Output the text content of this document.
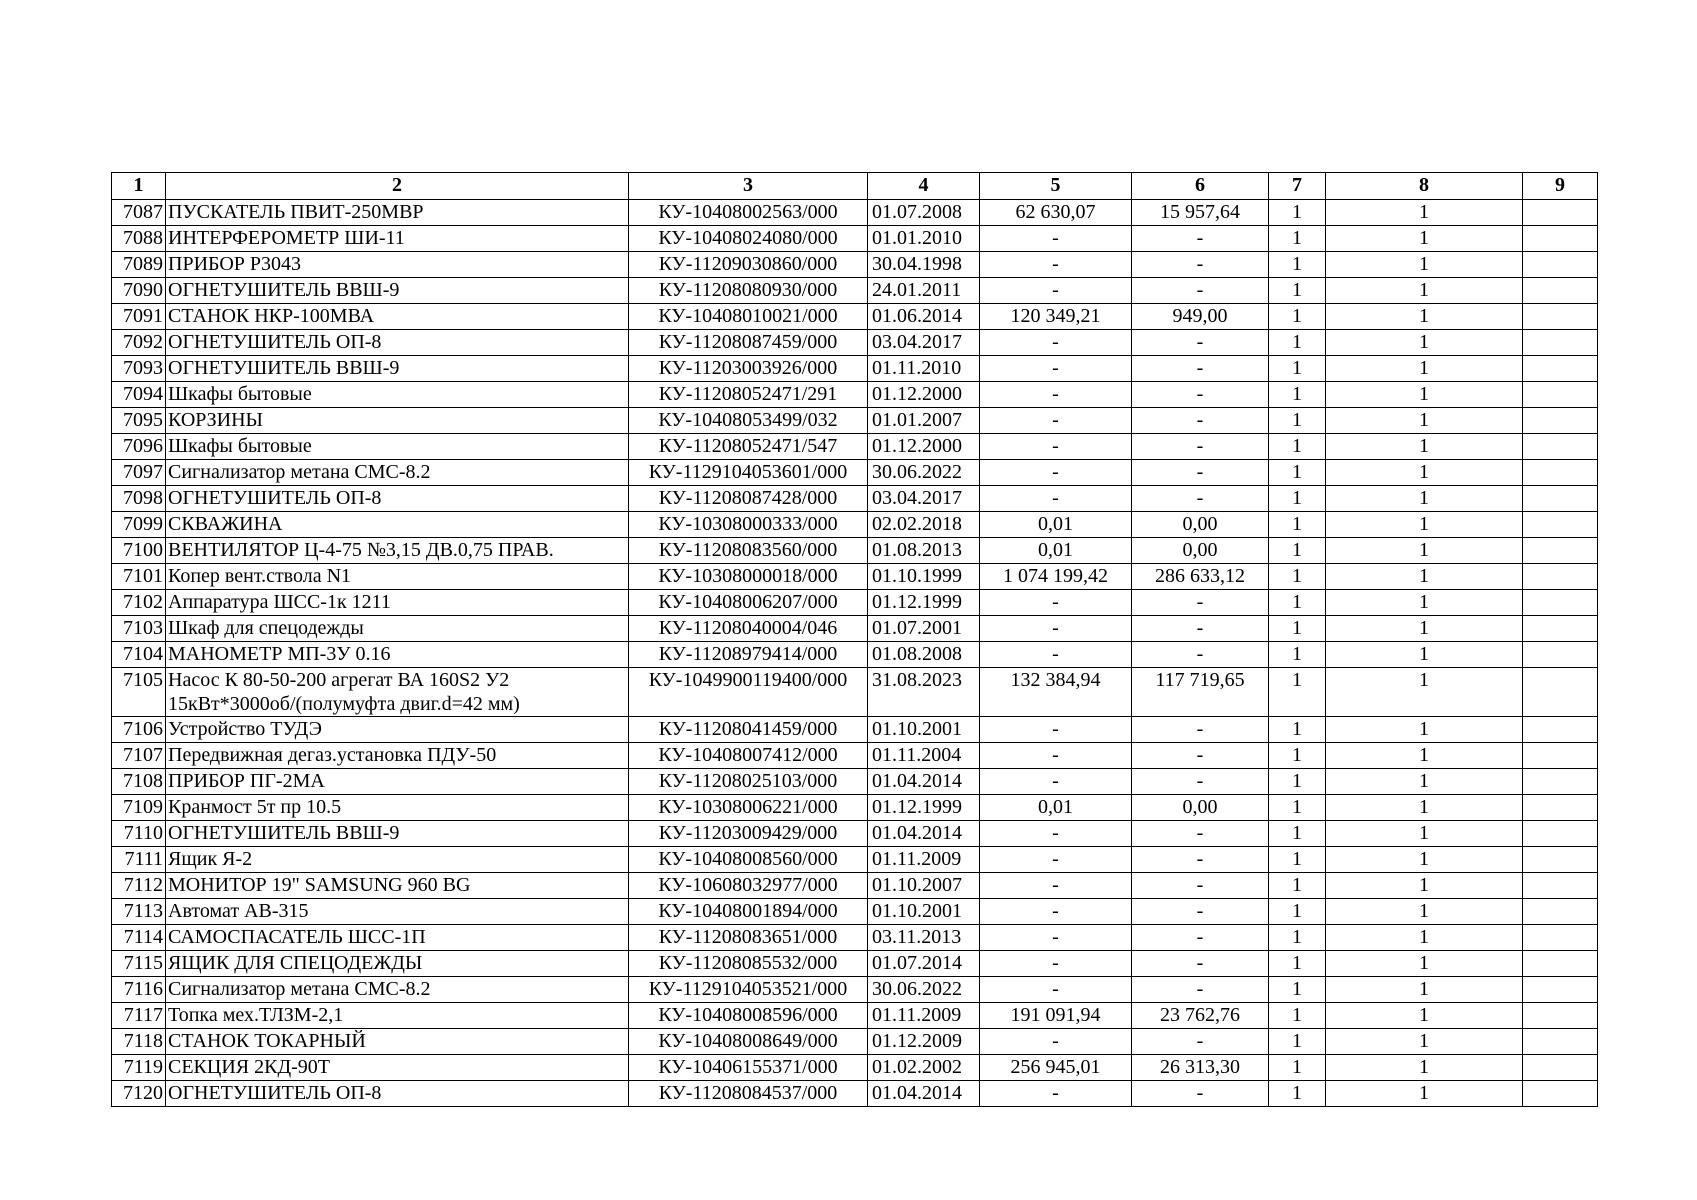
1	2	3	4	5	6	7	8	9
7087	ПУСКАТЕЛЬ ПВИТ-250МВР	КУ-10408002563/000	01.07.2008	62 630,07	15 957,64	1	1	
7088	ИНТЕРФЕРОМЕТР ШИ-11	КУ-10408024080/000	01.01.2010	-	-	1	1	
7089	ПРИБОР Р3043	КУ-11209030860/000	30.04.1998	-	-	1	1	
7090	ОГНЕТУШИТЕЛЬ ВВШ-9	КУ-11208080930/000	24.01.2011	-	-	1	1	
7091	СТАНОК НКР-100МВА	КУ-10408010021/000	01.06.2014	120 349,21	949,00	1	1	
7092	ОГНЕТУШИТЕЛЬ ОП-8	КУ-11208087459/000	03.04.2017	-	-	1	1	
7093	ОГНЕТУШИТЕЛЬ ВВШ-9	КУ-11203003926/000	01.11.2010	-	-	1	1	
7094	Шкафы бытовые	КУ-11208052471/291	01.12.2000	-	-	1	1	
7095	КОРЗИНЫ	КУ-10408053499/032	01.01.2007	-	-	1	1	
7096	Шкафы бытовые	КУ-11208052471/547	01.12.2000	-	-	1	1	
7097	Сигнализатор метана СМС-8.2	КУ-1129104053601/000	30.06.2022	-	-	1	1	
7098	ОГНЕТУШИТЕЛЬ ОП-8	КУ-11208087428/000	03.04.2017	-	-	1	1	
7099	СКВАЖИНА	КУ-10308000333/000	02.02.2018	0,01	0,00	1	1	
7100	ВЕНТИЛЯТОР Ц-4-75 №3,15 ДВ.0,75 ПРАВ.	КУ-11208083560/000	01.08.2013	0,01	0,00	1	1	
7101	Копер вент.ствола N1	КУ-10308000018/000	01.10.1999	1 074 199,42	286 633,12	1	1	
7102	Аппаратура ШСС-1к 1211	КУ-10408006207/000	01.12.1999	-	-	1	1	
7103	Шкаф для спецодежды	КУ-11208040004/046	01.07.2001	-	-	1	1	
7104	МАНОМЕТР МП-3У 0.16	КУ-11208979414/000	01.08.2008	-	-	1	1	
7105	Насос К 80-50-200 агрегат ВА 160S2 У2 15кВт*3000об/(полумуфта двиг.d=42 мм)	КУ-1049900119400/000	31.08.2023	132 384,94	117 719,65	1	1	
7106	Устройство ТУДЭ	КУ-11208041459/000	01.10.2001	-	-	1	1	
7107	Передвижная дегаз.установка ПДУ-50	КУ-10408007412/000	01.11.2004	-	-	1	1	
7108	ПРИБОР ПГ-2МА	КУ-11208025103/000	01.04.2014	-	-	1	1	
7109	Кранмост 5т пр 10.5	КУ-10308006221/000	01.12.1999	0,01	0,00	1	1	
7110	ОГНЕТУШИТЕЛЬ ВВШ-9	КУ-11203009429/000	01.04.2014	-	-	1	1	
7111	Ящик Я-2	КУ-10408008560/000	01.11.2009	-	-	1	1	
7112	МОНИТОР 19" SAMSUNG 960 BG	КУ-10608032977/000	01.10.2007	-	-	1	1	
7113	Автомат АВ-315	КУ-10408001894/000	01.10.2001	-	-	1	1	
7114	САМОСПАСАТЕЛЬ ШСС-1П	КУ-11208083651/000	03.11.2013	-	-	1	1	
7115	ЯЩИК ДЛЯ СПЕЦОДЕЖДЫ	КУ-11208085532/000	01.07.2014	-	-	1	1	
7116	Сигнализатор метана СМС-8.2	КУ-1129104053521/000	30.06.2022	-	-	1	1	
7117	Топка мех.ТЛЗМ-2,1	КУ-10408008596/000	01.11.2009	191 091,94	23 762,76	1	1	
7118	СТАНОК ТОКАРНЫЙ	КУ-10408008649/000	01.12.2009	-	-	1	1	
7119	СЕКЦИЯ 2КД-90Т	КУ-10406155371/000	01.02.2002	256 945,01	26 313,30	1	1	
7120	ОГНЕТУШИТЕЛЬ ОП-8	КУ-11208084537/000	01.04.2014	-	-	1	1	
